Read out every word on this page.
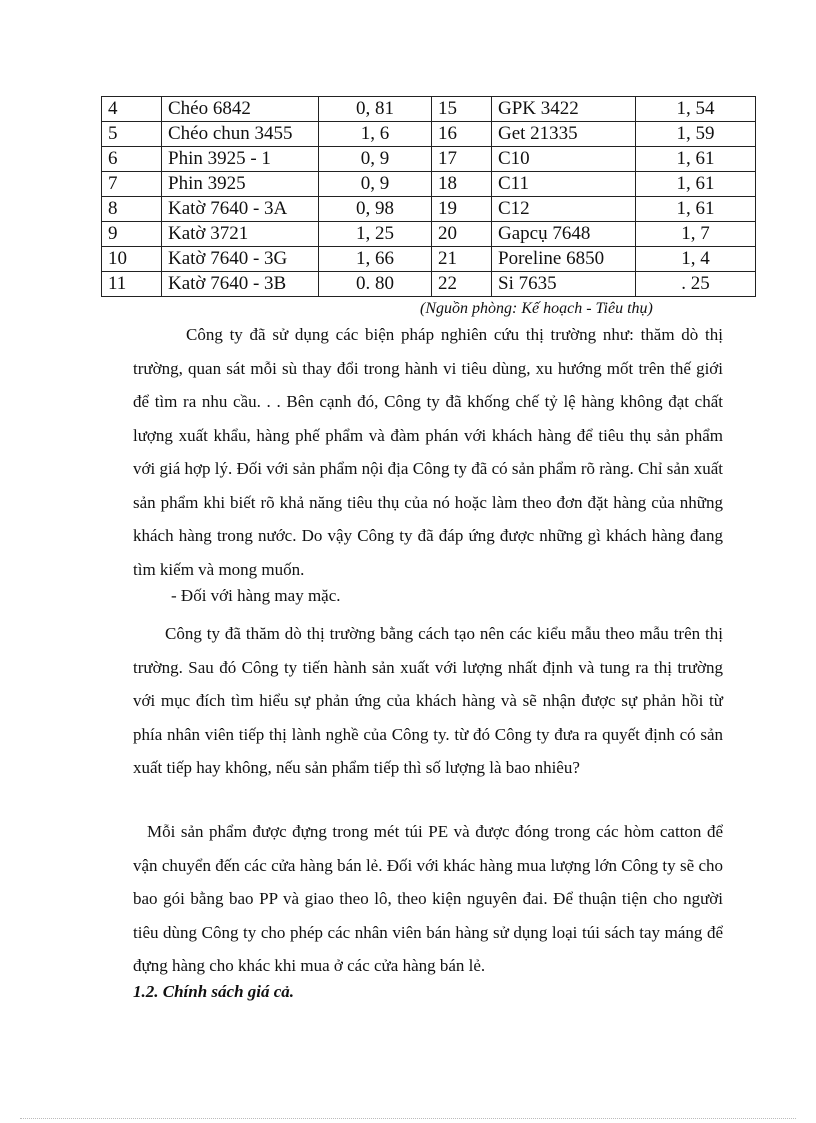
4	Chéo 6842	0, 81	15	GPK 3422	1, 54
5	Chéo chun 3455	1, 6	16	Get 21335	1, 59
6	Phin 3925 - 1	0, 9	17	C10	1, 61
7	Phin 3925	0, 9	18	C11	1, 61
8	Katờ 7640 - 3A	0, 98	19	C12	1, 61
9	Katờ 3721	1, 25	20	Gapcụ 7648	1, 7
10	Katờ 7640 - 3G	1, 66	21	Poreline 6850	1, 4
11	Katờ 7640 - 3B	0. 80	22	Si 7635	. 25
(Nguồn phòng: Kế hoạch - Tiêu thụ)

Công ty đã sử dụng các biện pháp nghiên cứu thị trường như: thăm dò thị trường, quan sát mỗi sù thay đổi trong hành vi tiêu dùng, xu hướng mốt trên thế giới để tìm ra nhu cầu. . . Bên cạnh đó, Công ty đã khống chế tỷ lệ hàng không đạt chất lượng xuất khẩu, hàng phế phẩm và đàm phán với khách hàng để tiêu thụ sản phẩm với giá hợp lý. Đối với sản phẩm nội địa Công ty đã có sản phẩm rõ ràng. Chỉ sản xuất sản phẩm khi biết rõ khả năng tiêu thụ của nó hoặc làm theo đơn đặt hàng của những khách hàng trong nước. Do vậy Công ty đã đáp ứng được những gì khách hàng đang tìm kiếm và mong muốn.

- Đối với hàng may mặc.

Công ty đã thăm dò thị trường bằng cách tạo nên các kiểu mẫu theo mẫu trên thị trường. Sau đó Công ty tiến hành sản xuất với lượng nhất định và tung ra thị trường với mục đích tìm hiểu sự phản ứng của khách hàng và sẽ nhận được sự phản hồi từ phía nhân viên tiếp thị lành nghề của Công ty. từ đó Công ty đưa ra quyết định có sản xuất tiếp hay không, nếu sản phẩm tiếp thì số lượng là bao nhiêu?

Mỗi sản phẩm được đựng trong mét túi PE và được đóng trong các hòm catton để vận chuyển đến các cửa hàng bán lẻ. Đối với khác hàng mua lượng lớn Công ty sẽ cho bao gói bằng bao PP và giao theo lô, theo kiện nguyên đai. Để thuận tiện cho người tiêu dùng Công ty cho phép các nhân viên bán hàng sử dụng loại túi sách tay máng để đựng hàng cho khác khi mua ở các cửa hàng bán lẻ.

1.2. Chính sách giá cả.
